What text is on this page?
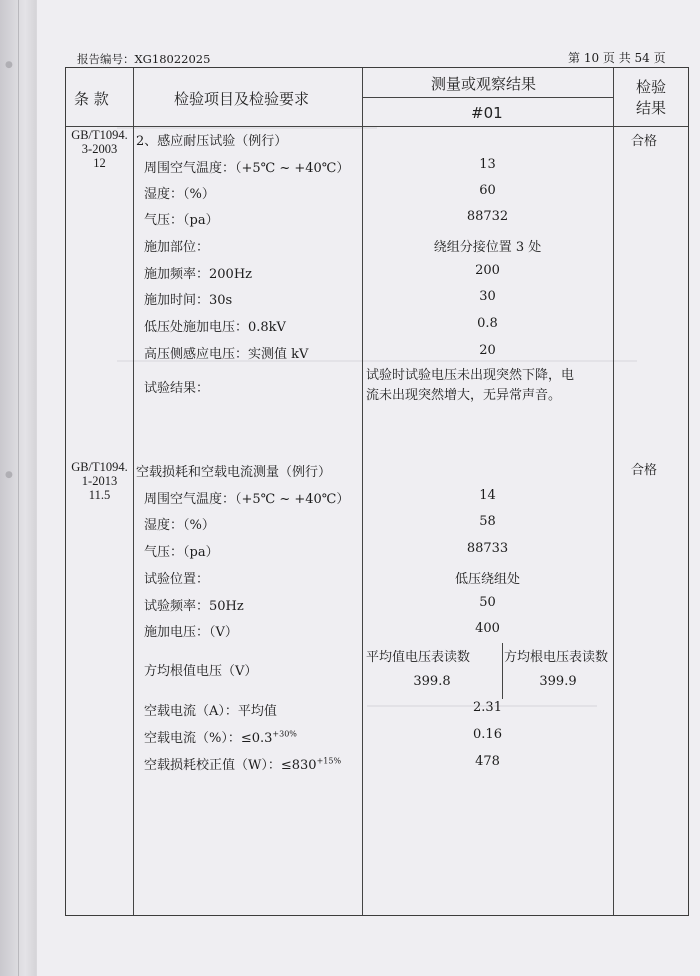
●
●
报告编号：XG18022025	第 10 页 共 54 页
条 款	检验项目及检验要求
测量或观察结果
#01
检验
结果
GB/T1094.
3-2003
12
2、感应耐压试验（例行）	合格
周围空气温度：（+5℃ ~ +40℃）	13
湿度：（%）	60
气压：（pa）	88732
施加部位：	绕组分接位置 3 处
施加频率：200Hz	200
施加时间：30s	30
低压处施加电压：0.8kV	0.8
高压侧感应电压：实测值 kV	20
试验结果：
试验时试验电压未出现突然下降，电
流未出现突然增大，无异常声音。
GB/T1094.
1-2013
11.5
空载损耗和空载电流测量（例行）	合格
周围空气温度：（+5℃ ~ +40℃）	14
湿度：（%）	58
气压：（pa）	88733
试验位置：	低压绕组处
试验频率：50Hz	50
施加电压：（V）	400
方均根值电压（V）
平均值电压表读数	方均根电压表读数
399.8	399.9
空载电流（A）：平均值	2.31
空载电流（%）：$\le 0.3^{+30\%}$	0.16
空载损耗校正值（W）：$\le 830^{+15\%}$	478
